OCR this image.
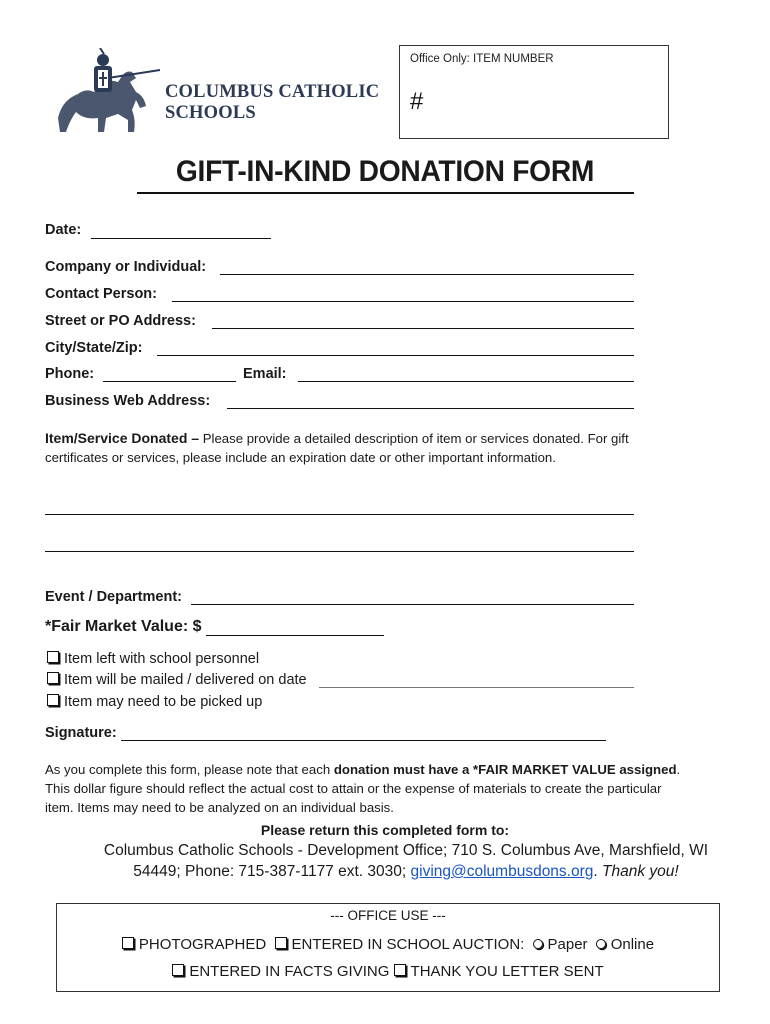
COLUMBUS CATHOLIC
SCHOOLS
Office Only: ITEM NUMBER
#
GIFT-IN-KIND DONATION FORM
Date:
Company or Individual:
Contact Person:
Street or PO Address:
City/State/Zip:
Phone:	Email:
Business Web Address:
Item/Service Donated – Please provide a detailed description of item or services donated. For gift
certificates or services, please include an expiration date or other important information.
Event / Department:
*Fair Market Value: $
Item left with school personnel
Item will be mailed / delivered on date
Item may need to be picked up
Signature:
As you complete this form, please note that each donation must have a *FAIR MARKET VALUE assigned.
This dollar figure should reflect the actual cost to attain or the expense of materials to create the particular
item. Items may need to be analyzed on an individual basis.
Please return this completed form to:
Columbus Catholic Schools - Development Office; 710 S. Columbus Ave, Marshfield, WI
54449; Phone: 715-387-1177 ext. 3030; giving@columbusdons.org. Thank you!
--- OFFICE USE ---
PHOTOGRAPHED ENTERED IN SCHOOL AUCTION: Paper Online
ENTERED IN FACTS GIVING THANK YOU LETTER SENT
